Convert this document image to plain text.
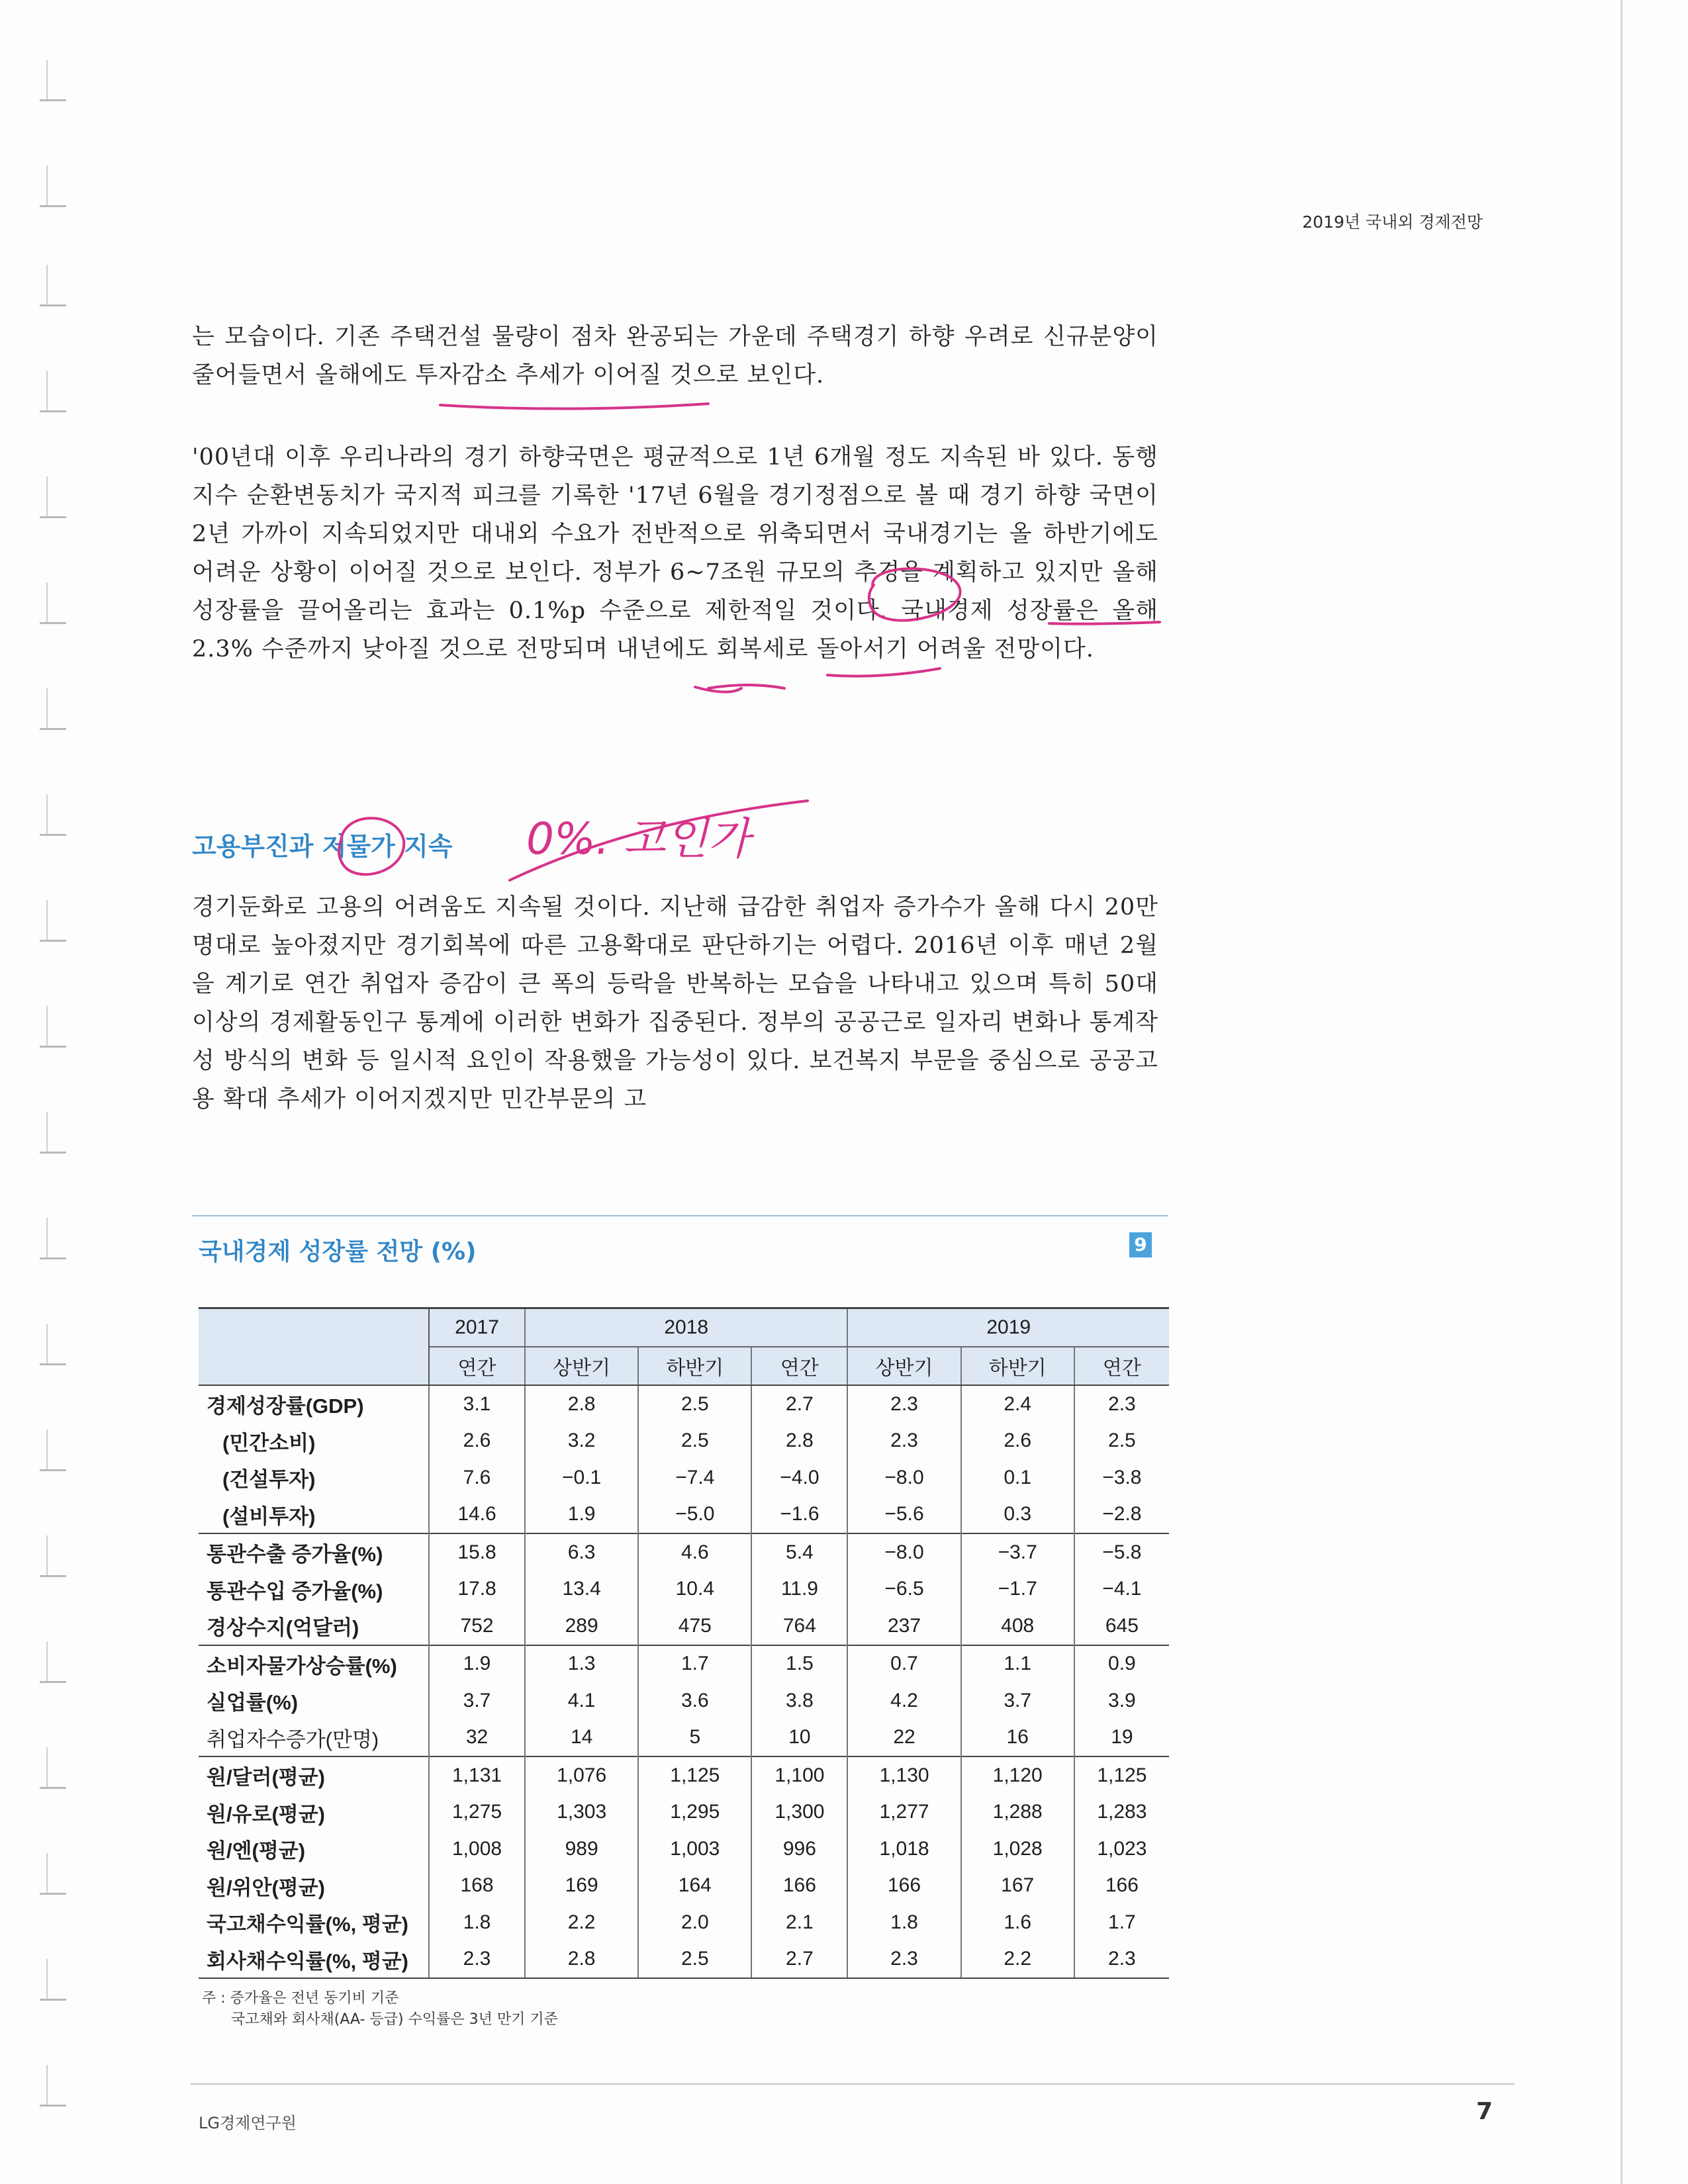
2019년 국내외 경제전망

는 모습이다. 기존 주택건설 물량이 점차 완공되는 가운데 주택경기 하향 우려로 신규분양이 줄어들면서 올해에도 투자감소 추세가 이어질 것으로 보인다.

'00년대 이후 우리나라의 경기 하향국면은 평균적으로 1년 6개월 정도 지속된 바 있다. 동행지수 순환변동치가 국지적 피크를 기록한 '17년 6월을 경기정점으로 볼 때 경기 하향 국면이 2년 가까이 지속되었지만 대내외 수요가 전반적으로 위축되면서 국내경기는 올 하반기에도 어려운 상황이 이어질 것으로 보인다. 정부가 6~7조원 규모의 추경을 계획하고 있지만 올해 성장률을 끌어올리는 효과는 0.1%p 수준으로 제한적일 것이다. 국내경제 성장률은 올해 2.3% 수준까지 낮아질 것으로 전망되며 내년에도 회복세로 돌아서기 어려울 전망이다.

고용부진과 저물가 지속

경기둔화로 고용의 어려움도 지속될 것이다. 지난해 급감한 취업자 증가수가 올해 다시 20만명대로 높아졌지만 경기회복에 따른 고용확대로 판단하기는 어렵다. 2016년 이후 매년 2월을 계기로 연간 취업자 증감이 큰 폭의 등락을 반복하는 모습을 나타내고 있으며 특히 50대 이상의 경제활동인구 통계에 이러한 변화가 집중된다. 정부의 공공근로 일자리 변화나 통계작성 방식의 변화 등 일시적 요인이 작용했을 가능성이 있다. 보건복지 부문을 중심으로 공공고용 확대 추세가 이어지겠지만 민간부문의 고

국내경제 성장률 전망 (%)	9
	2017	2018			2019		
	연간	상반기	하반기	연간	상반기	하반기	연간
경제성장률(GDP)	3.1	2.8	2.5	2.7	2.3	2.4	2.3
(민간소비)	2.6	3.2	2.5	2.8	2.3	2.6	2.5
(건설투자)	7.6	−0.1	−7.4	−4.0	−8.0	0.1	−3.8
(설비투자)	14.6	1.9	−5.0	−1.6	−5.6	0.3	−2.8
통관수출 증가율(%)	15.8	6.3	4.6	5.4	−8.0	−3.7	−5.8
통관수입 증가율(%)	17.8	13.4	10.4	11.9	−6.5	−1.7	−4.1
경상수지(억달러)	752	289	475	764	237	408	645
소비자물가상승률(%)	1.9	1.3	1.7	1.5	0.7	1.1	0.9
실업률(%)	3.7	4.1	3.6	3.8	4.2	3.7	3.9
취업자수증가(만명)	32	14	5	10	22	16	19
원/달러(평균)	1,131	1,076	1,125	1,100	1,130	1,120	1,125
원/유로(평균)	1,275	1,303	1,295	1,300	1,277	1,288	1,283
원/엔(평균)	1,008	989	1,003	996	1,018	1,028	1,023
원/위안(평균)	168	169	164	166	166	167	166
국고채수익률(%, 평균)	1.8	2.2	2.0	2.1	1.8	1.6	1.7
회사채수익률(%, 평균)	2.3	2.8	2.5	2.7	2.3	2.2	2.3
주 : 증가율은 전년 동기비 기준
국고채와 회사채(AA- 등급) 수익률은 3년 만기 기준
LG경제연구원	7
0%. 고인가
